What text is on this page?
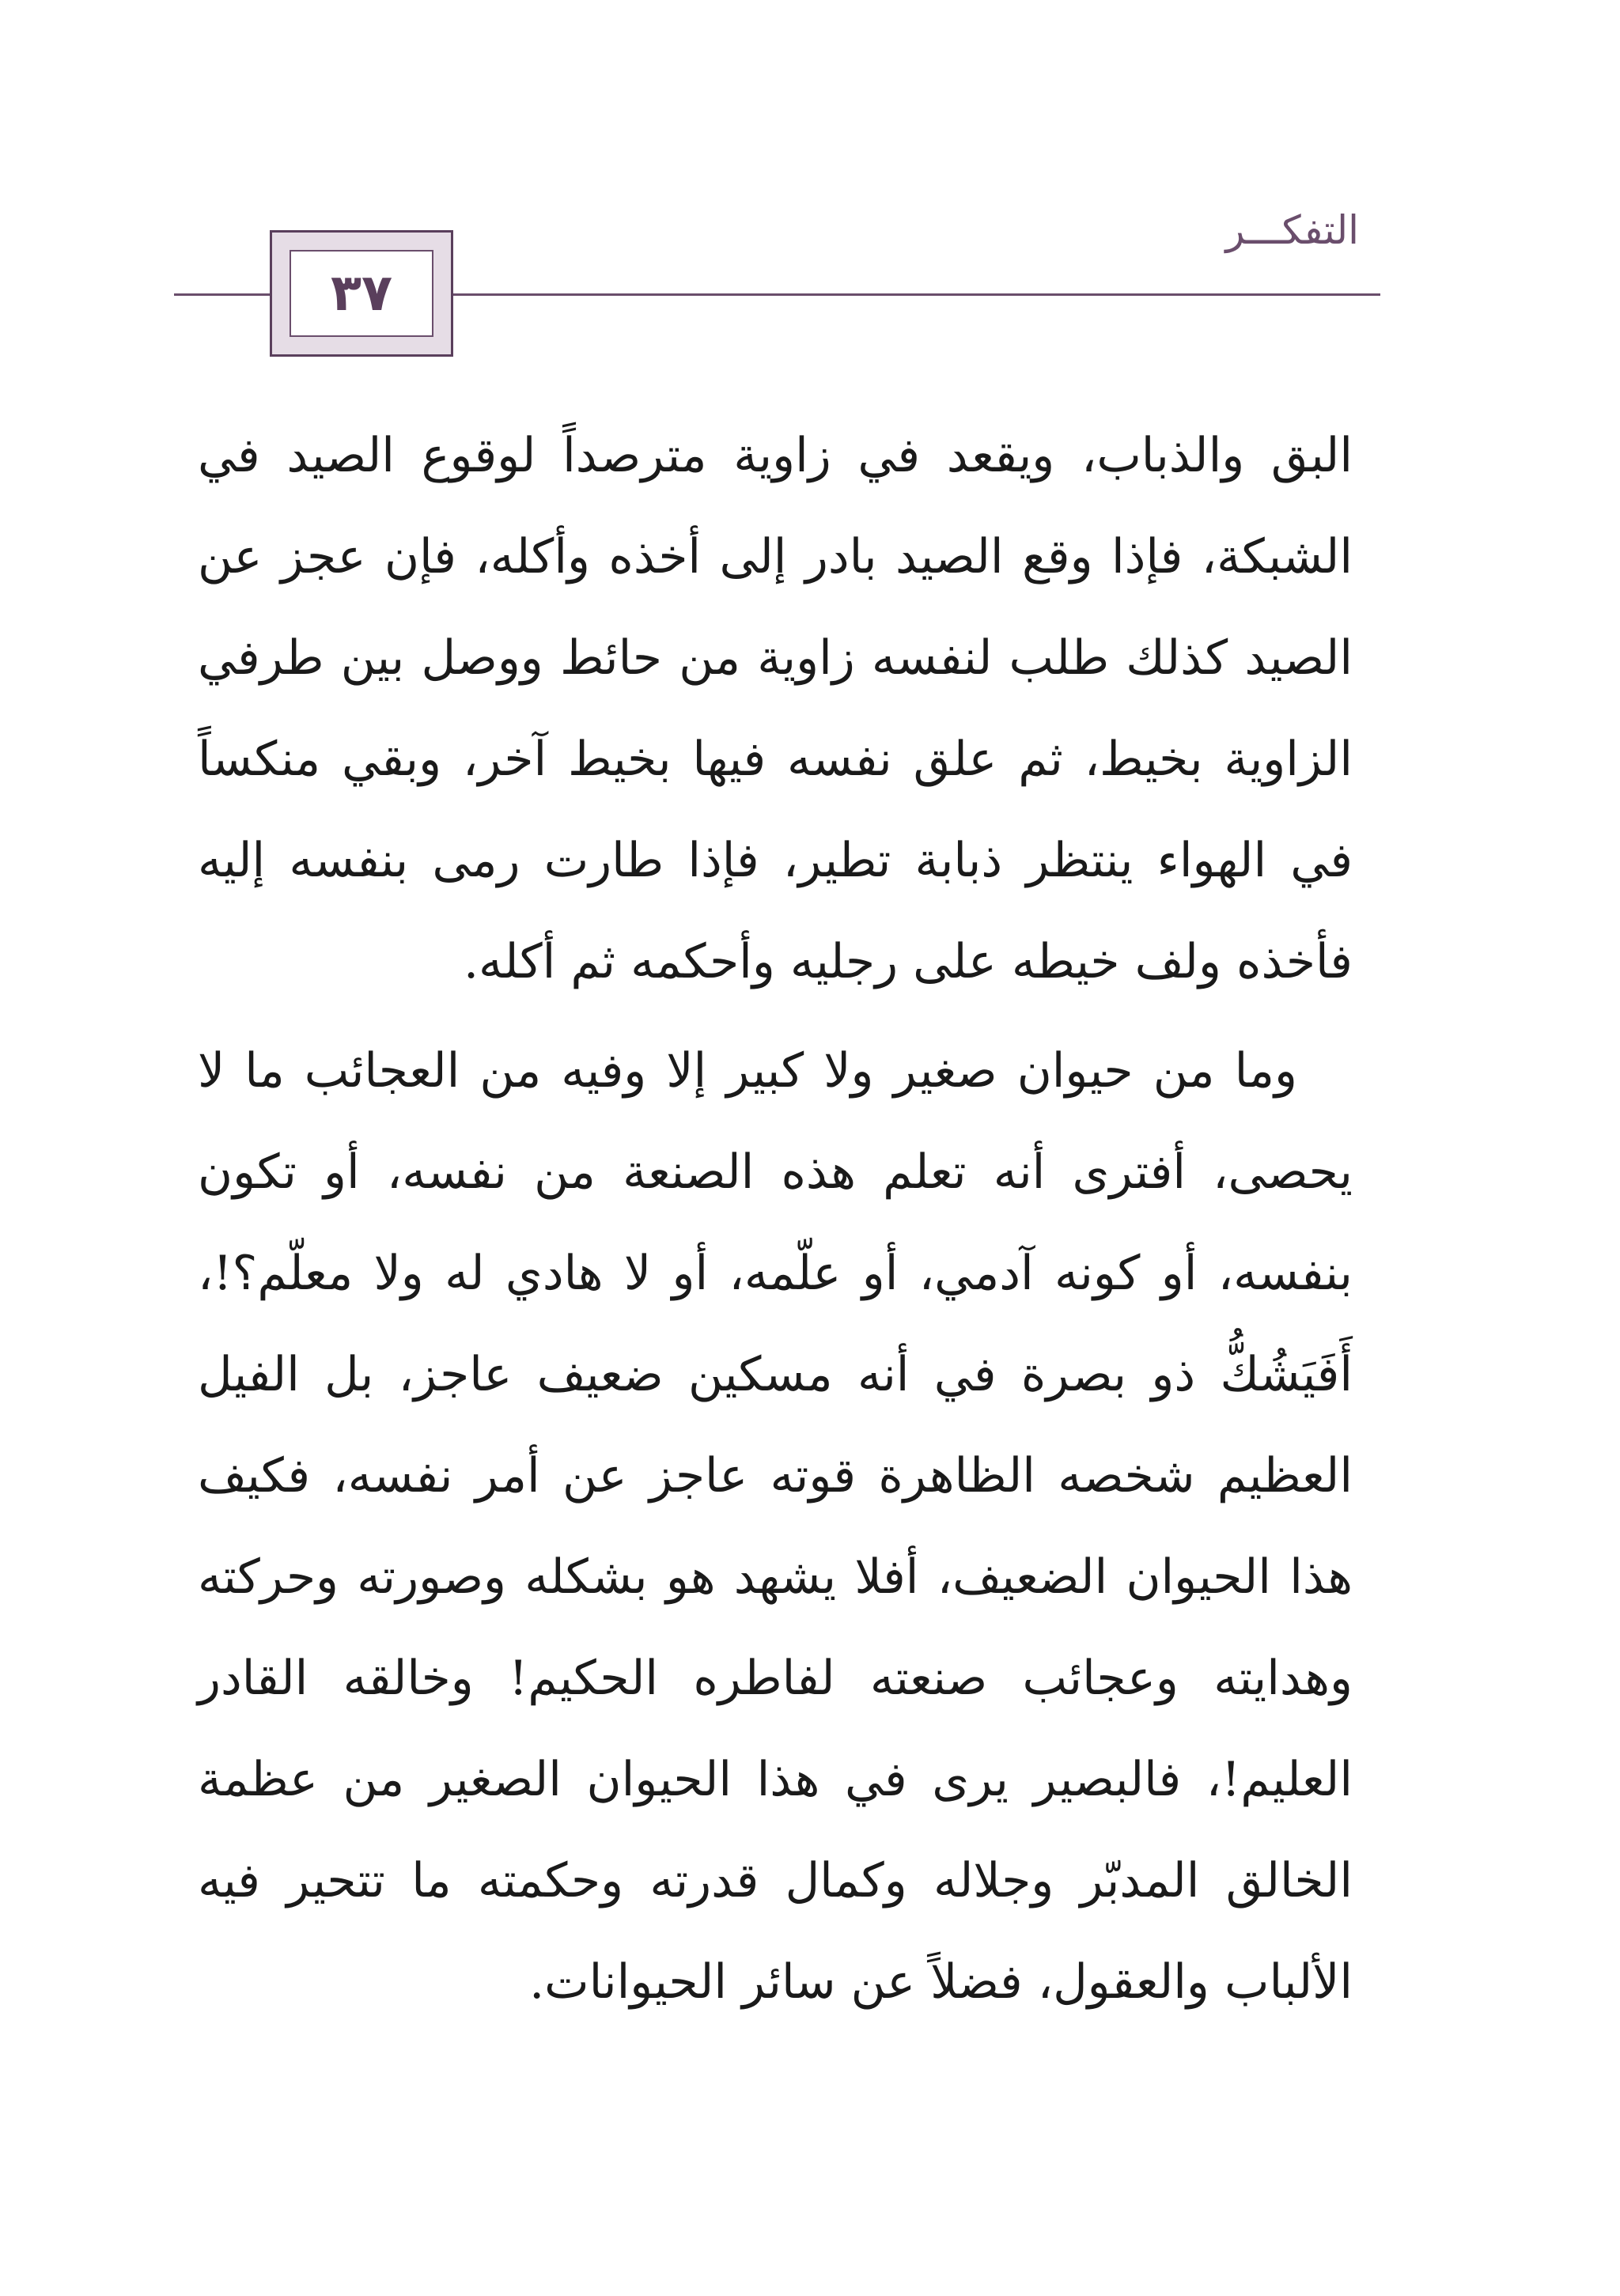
٣٧
التفكـــر

البق والذباب، ويقعد في زاوية مترصداً لوقوع الصيد في الشبكة، فإذا وقع الصيد بادر إلى أخذه وأكله، فإن عجز عن الصيد كذلك طلب لنفسه زاوية من حائط ووصل بين طرفي الزاوية بخيط، ثم علق نفسه فيها بخيط آخر، وبقي منكساً في الهواء ينتظر ذبابة تطير، فإذا طارت رمى بنفسه إليه فأخذه ولف خيطه على رجليه وأحكمه ثم أكله.

وما من حيوان صغير ولا كبير إلا وفيه من العجائب ما لا يحصى، أفترى أنه تعلم هذه الصنعة من نفسه، أو تكون بنفسه، أو كونه آدمي، أو علّمه، أو لا هادي له ولا معلّم؟!، أَفَيَشُكُّ ذو بصرة في أنه مسكين ضعيف عاجز، بل الفيل العظيم شخصه الظاهرة قوته عاجز عن أمر نفسه، فكيف هذا الحيوان الضعيف، أفلا يشهد هو بشكله وصورته وحركته وهدايته وعجائب صنعته لفاطره الحكيم! وخالقه القادر العليم!، فالبصير يرى في هذا الحيوان الصغير من عظمة الخالق المدبّر وجلاله وكمال قدرته وحكمته ما تتحير فيه الألباب والعقول، فضلاً عن سائر الحيوانات.
